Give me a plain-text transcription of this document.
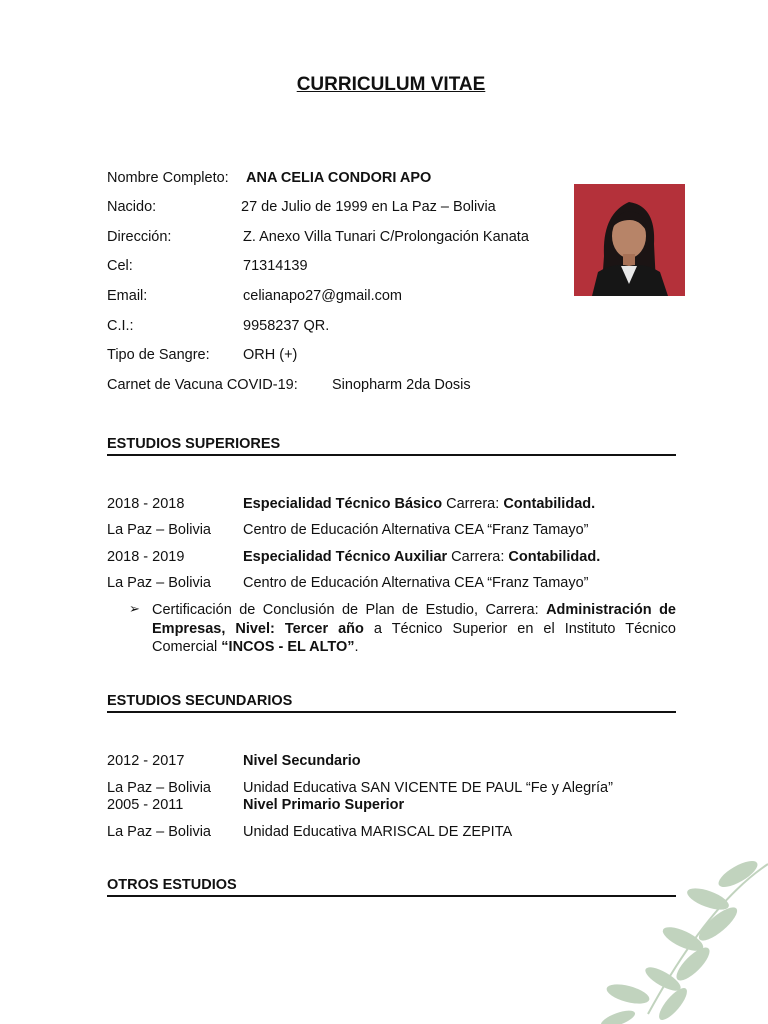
CURRICULUM VITAE
Nombre Completo: ANA CELIA CONDORI APO
Nacido:	27 de Julio de 1999 en La Paz – Bolivia
Dirección:	Z. Anexo Villa Tunari C/Prolongación Kanata
Cel:	71314139
Email:	celianapo27@gmail.com
C.I.:	9958237 QR.
Tipo de Sangre: ORH (+)
Carnet de Vacuna COVID-19: Sinopharm 2da Dosis
ESTUDIOS SUPERIORES
2018 - 2018	Especialidad Técnico Básico Carrera: Contabilidad.
La Paz – Bolivia Centro de Educación Alternativa CEA “Franz Tamayo”
2018 - 2019	Especialidad Técnico Auxiliar Carrera: Contabilidad.
La Paz – Bolivia Centro de Educación Alternativa CEA “Franz Tamayo”
➢ Certificación de Conclusión de Plan de Estudio, Carrera: Administración de Empresas, Nivel: Tercer año a Técnico Superior en el Instituto Técnico Comercial “INCOS - EL ALTO”.
ESTUDIOS SECUNDARIOS
2012 - 2017	Nivel Secundario
La Paz – Bolivia Unidad Educativa SAN VICENTE DE PAUL “Fe y Alegría”
2005 - 2011	Nivel Primario Superior
La Paz – Bolivia Unidad Educativa MARISCAL DE ZEPITA
OTROS ESTUDIOS
